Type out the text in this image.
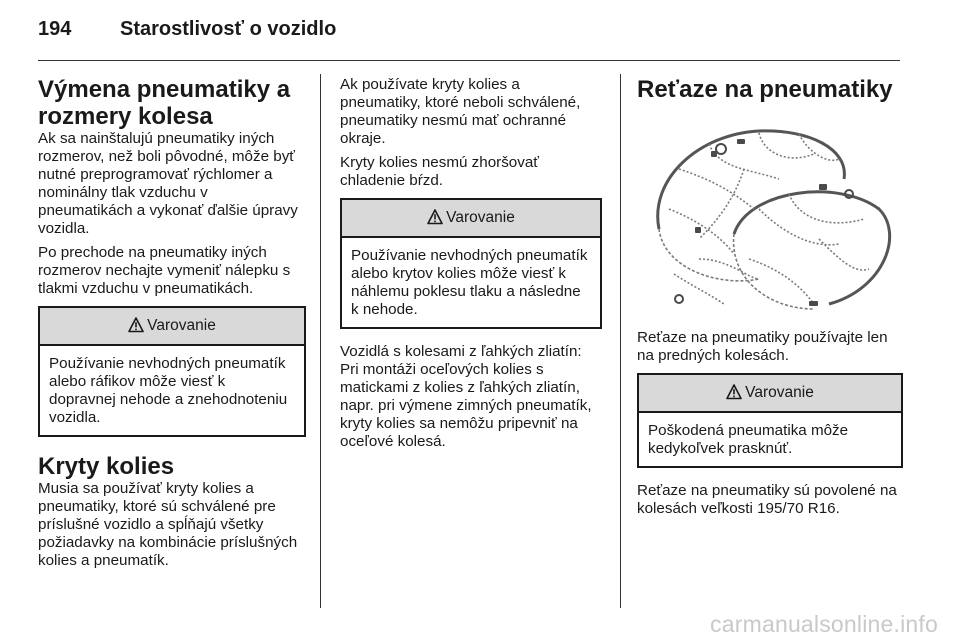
194 Starostlivosť o vozidlo
Výmena pneumatiky a rozmery kolesa

Ak sa nainštalujú pneumatiky iných rozmerov, než boli pôvodné, môže byť nutné preprogramovať rýchlomer a nominálny tlak vzduchu v pneumatikách a vykonať ďalšie úpravy vozidla.

Po prechode na pneumatiky iných rozmerov nechajte vymeniť nálepku s tlakmi vzduchu v pneumatikách.

Varovanie
Používanie nevhodných pneumatík alebo ráfikov môže viesť k dopravnej nehode a znehodnoteniu vozidla.
Kryty kolies

Musia sa používať kryty kolies a pneumatiky, ktoré sú schválené pre príslušné vozidlo a spĺňajú všetky požiadavky na kombinácie príslušných kolies a pneumatík.

Ak používate kryty kolies a pneumatiky, ktoré neboli schválené, pneumatiky nesmú mať ochranné okraje.

Kryty kolies nesmú zhoršovať chladenie bŕzd.

Varovanie
Používanie nevhodných pneumatík alebo krytov kolies môže viesť k náhlemu poklesu tlaku a následne k nehode.

Vozidlá s kolesami z ľahkých zliatín: Pri montáži oceľových kolies s matickami z kolies z ľahkých zliatín, napr. pri výmene zimných pneumatík, kryty kolies sa nemôžu pripevniť na oceľové kolesá.

Reťaze na pneumatiky

Reťaze na pneumatiky používajte len na predných kolesách.

Varovanie
Poškodená pneumatika môže kedykoľvek prasknúť.

Reťaze na pneumatiky sú povolené na kolesách veľkosti 195/70 R16.

carmanualsonline.info
